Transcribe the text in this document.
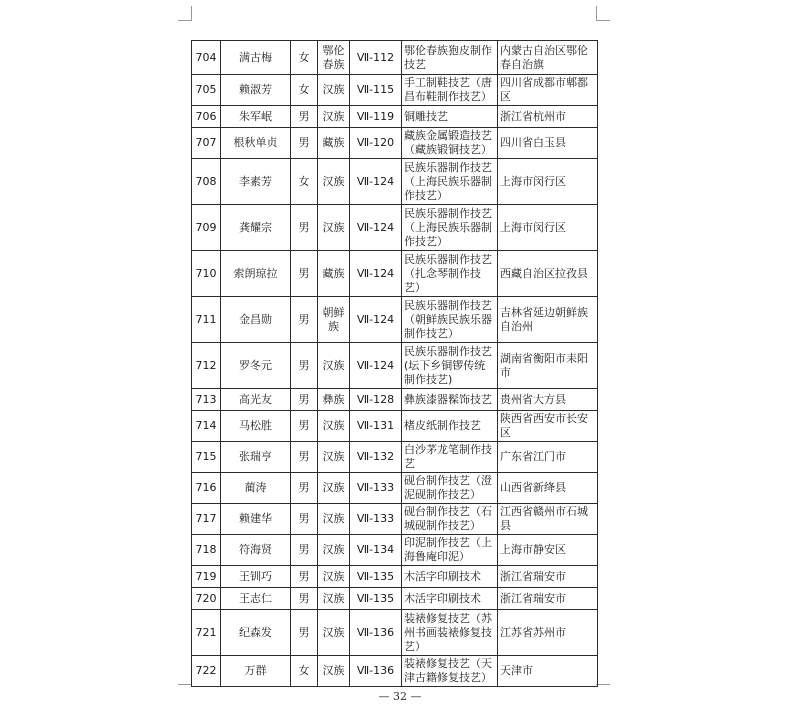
704	满古梅	女	鄂伦春族	Ⅶ-112	鄂伦春族狍皮制作技艺	内蒙古自治区鄂伦春自治旗
705	赖淑芳	女	汉族	Ⅶ-115	手工制鞋技艺（唐昌布鞋制作技艺）	四川省成都市郫都区
706	朱军岷	男	汉族	Ⅶ-119	铜雕技艺	浙江省杭州市
707	根秋单贞	男	藏族	Ⅶ-120	藏族金属锻造技艺（藏族锻铜技艺）	四川省白玉县
708	李素芳	女	汉族	Ⅶ-124	民族乐器制作技艺（上海民族乐器制作技艺）	上海市闵行区
709	龚耀宗	男	汉族	Ⅶ-124	民族乐器制作技艺（上海民族乐器制作技艺）	上海市闵行区
710	索朗琼拉	男	藏族	Ⅶ-124	民族乐器制作技艺（扎念琴制作技艺）	西藏自治区拉孜县
711	金昌勋	男	朝鲜族	Ⅶ-124	民族乐器制作技艺（朝鲜族民族乐器制作技艺）	吉林省延边朝鲜族自治州
712	罗冬元	男	汉族	Ⅶ-124	民族乐器制作技艺(坛下乡铜锣传统制作技艺)	湖南省衡阳市耒阳市
713	高光友	男	彝族	Ⅶ-128	彝族漆器髹饰技艺	贵州省大方县
714	马松胜	男	汉族	Ⅶ-131	楮皮纸制作技艺	陕西省西安市长安区
715	张瑞亨	男	汉族	Ⅶ-132	白沙茅龙笔制作技艺	广东省江门市
716	蔺涛	男	汉族	Ⅶ-133	砚台制作技艺（澄泥砚制作技艺）	山西省新绛县
717	赖建华	男	汉族	Ⅶ-133	砚台制作技艺（石城砚制作技艺）	江西省赣州市石城县
718	符海贤	男	汉族	Ⅶ-134	印泥制作技艺（上海鲁庵印泥）	上海市静安区
719	王钏巧	男	汉族	Ⅶ-135	木活字印刷技术	浙江省瑞安市
720	王志仁	男	汉族	Ⅶ-135	木活字印刷技术	浙江省瑞安市
721	纪森发	男	汉族	Ⅶ-136	装裱修复技艺（苏州书画装裱修复技艺）	江苏省苏州市
722	万群	女	汉族	Ⅶ-136	装裱修复技艺（天津古籍修复技艺）	天津市
— 32 —
